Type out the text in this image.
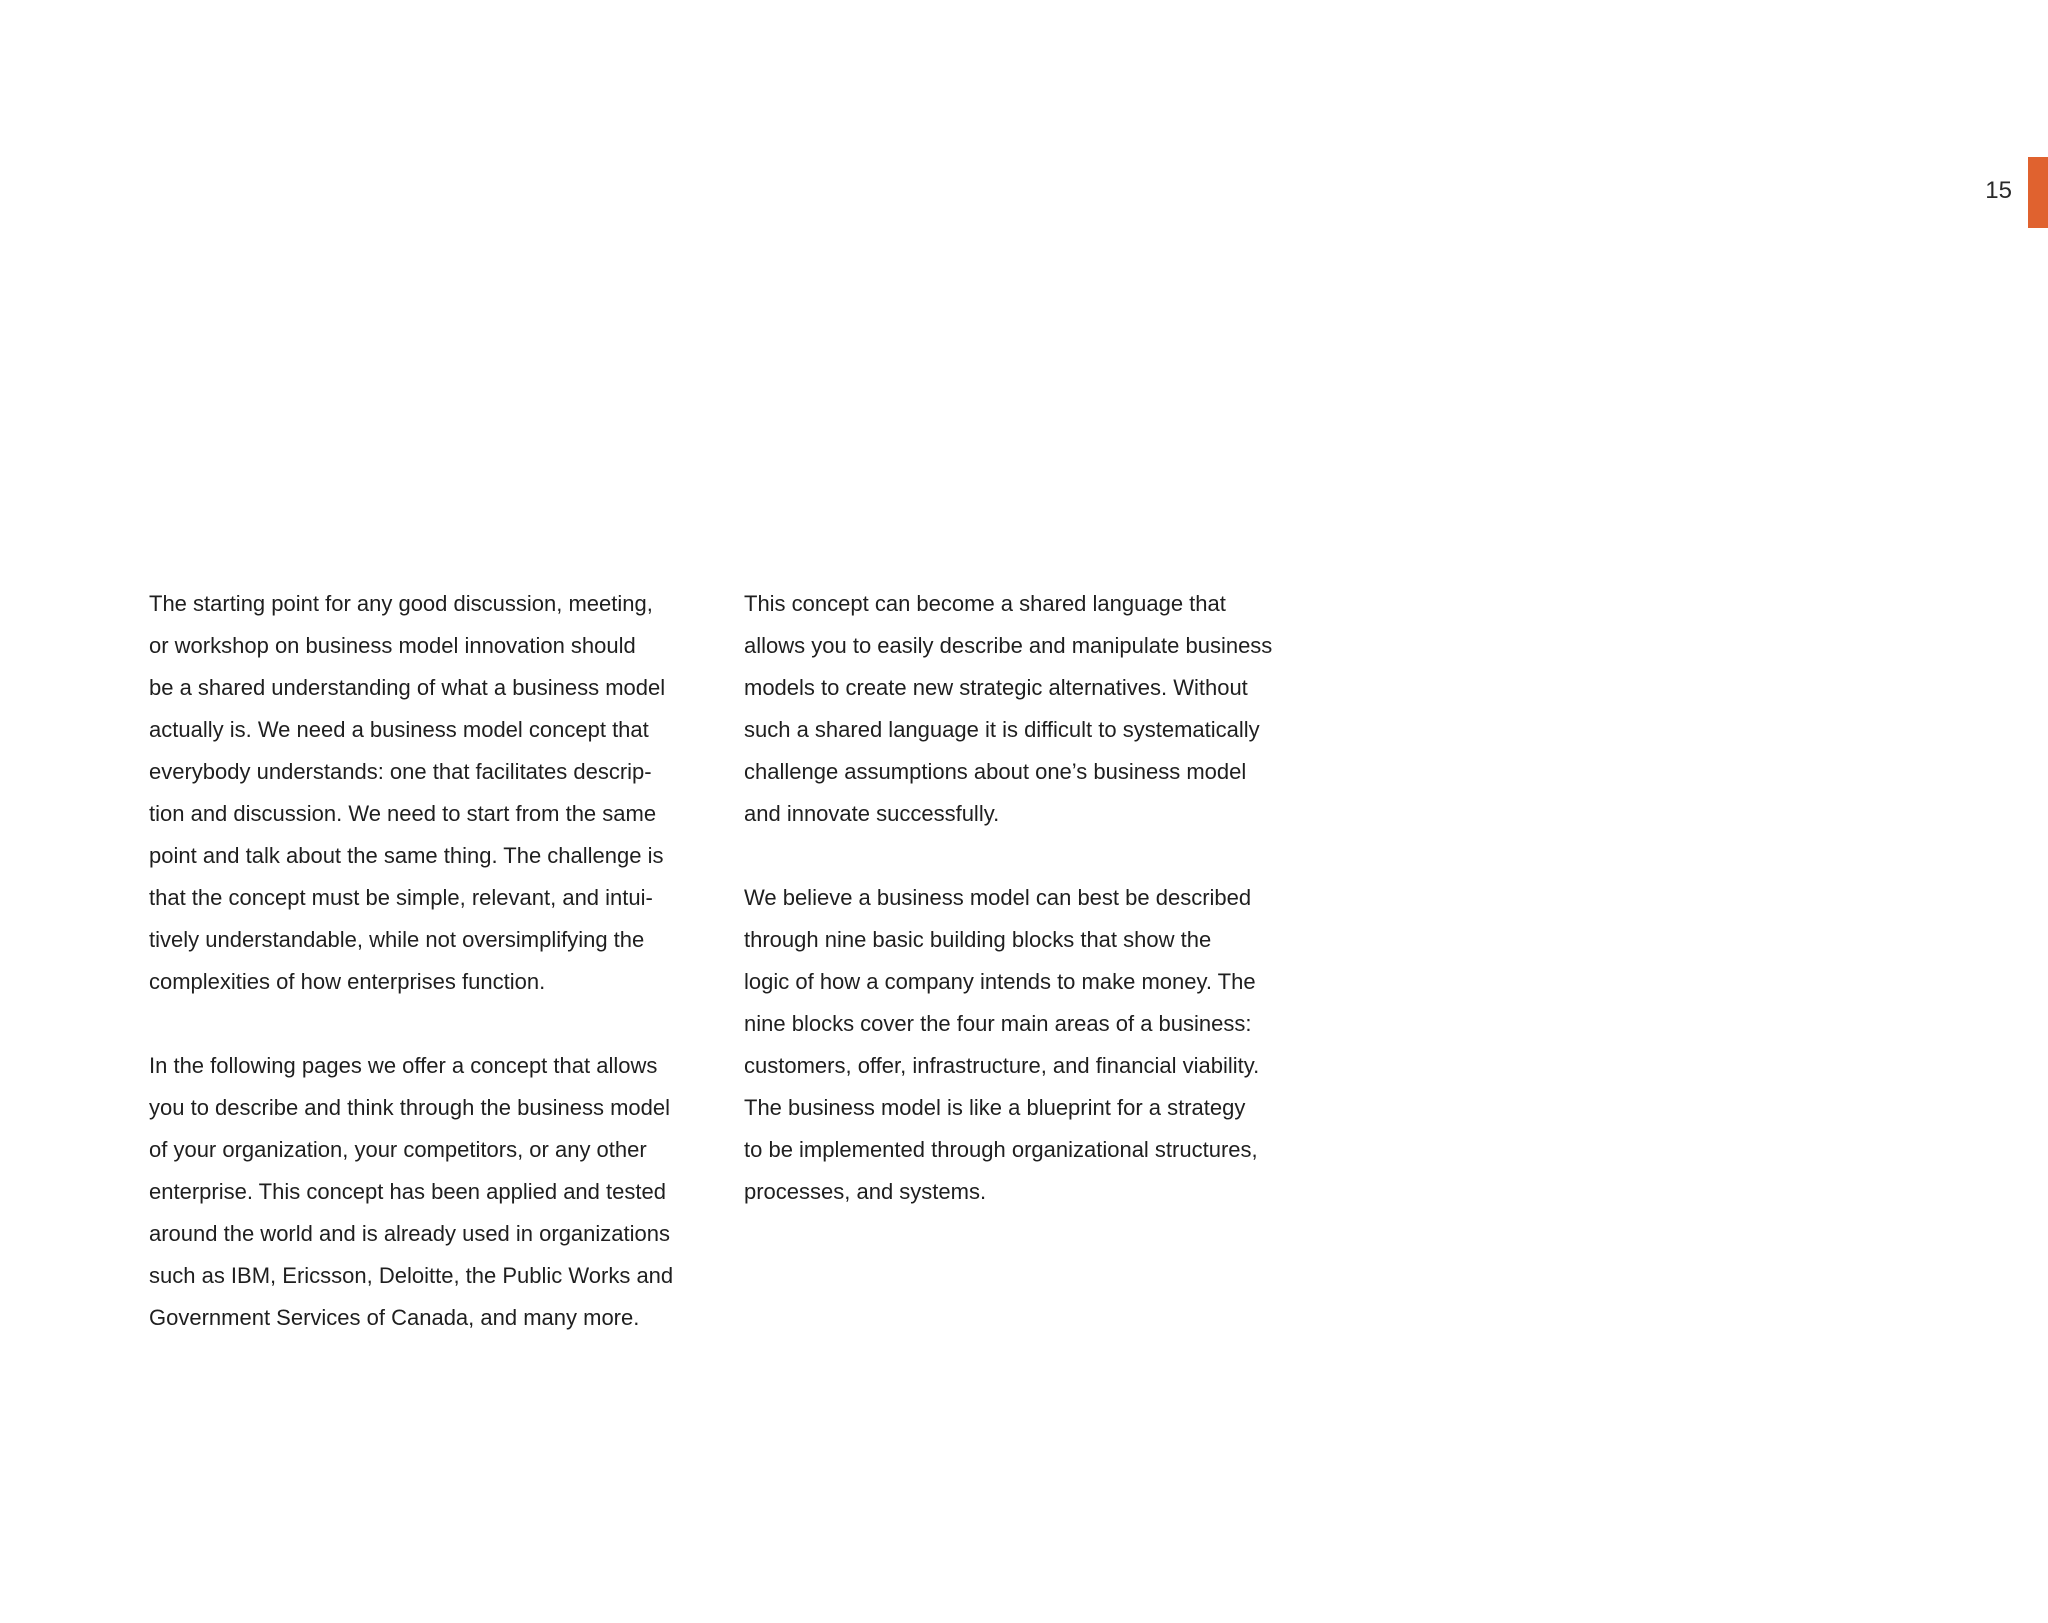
15

The starting point for any good discussion, meeting,
or workshop on business model innovation should
be a shared understanding of what a business model
actually is. We need a business model concept that
everybody understands: one that facilitates descrip-
tion and discussion. We need to start from the same
point and talk about the same thing. The challenge is
that the concept must be simple, relevant, and intui-
tively understandable, while not oversimplifying the
complexities of how enterprises function.

In the following pages we offer a concept that allows
you to describe and think through the business model
of your organization, your competitors, or any other
enterprise. This concept has been applied and tested
around the world and is already used in organizations
such as IBM, Ericsson, Deloitte, the Public Works and
Government Services of Canada, and many more.

This concept can become a shared language that
allows you to easily describe and manipulate business
models to create new strategic alternatives. Without
such a shared language it is difficult to systematically
challenge assumptions about one’s business model
and innovate successfully.

We believe a business model can best be described
through nine basic building blocks that show the
logic of how a company intends to make money. The
nine blocks cover the four main areas of a business:
customers, offer, infrastructure, and financial viability.
The business model is like a blueprint for a strategy
to be implemented through organizational structures,
processes, and systems.
